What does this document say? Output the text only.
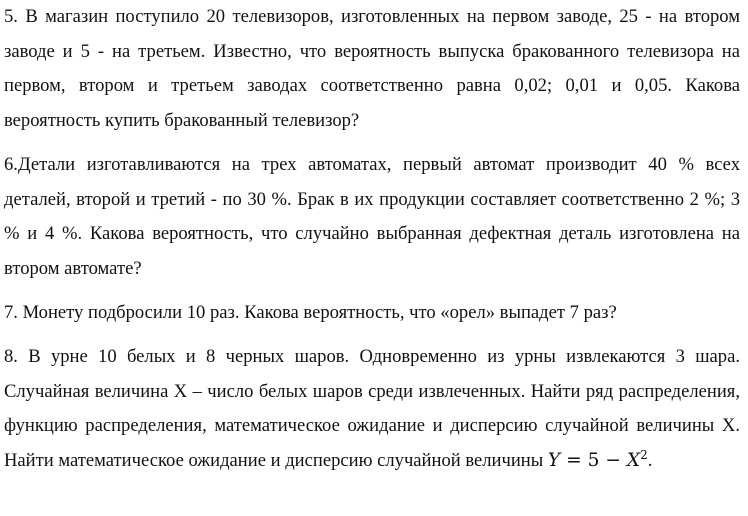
5. В магазин поступило 20 телевизоров, изготовленных на первом заводе, 25 - на втором заводе и 5 - на третьем. Известно, что вероятность выпуска бракованного телевизора на первом, втором и третьем заводах соответственно равна 0,02; 0,01 и 0,05. Какова вероятность купить бракованный телевизор?

6.Детали изготавливаются на трех автоматах, первый автомат производит 40 % всех деталей, второй и третий - по 30 %. Брак в их продукции составляет соответственно 2 %; 3 % и 4 %. Какова вероятность, что случайно выбранная дефектная деталь изготовлена на втором автомате?

7. Монету подбросили 10 раз. Какова вероятность, что «орел» выпадет 7 раз?

8. В урне 10 белых и 8 черных шаров. Одновременно из урны извлекаются 3 шара. Случайная величина X – число белых шаров среди извлеченных. Найти ряд распределения, функцию распределения, математическое ожидание и дисперсию случайной величины X. Найти математическое ожидание и дисперсию случайной величины $Y = 5 - X^2$.
